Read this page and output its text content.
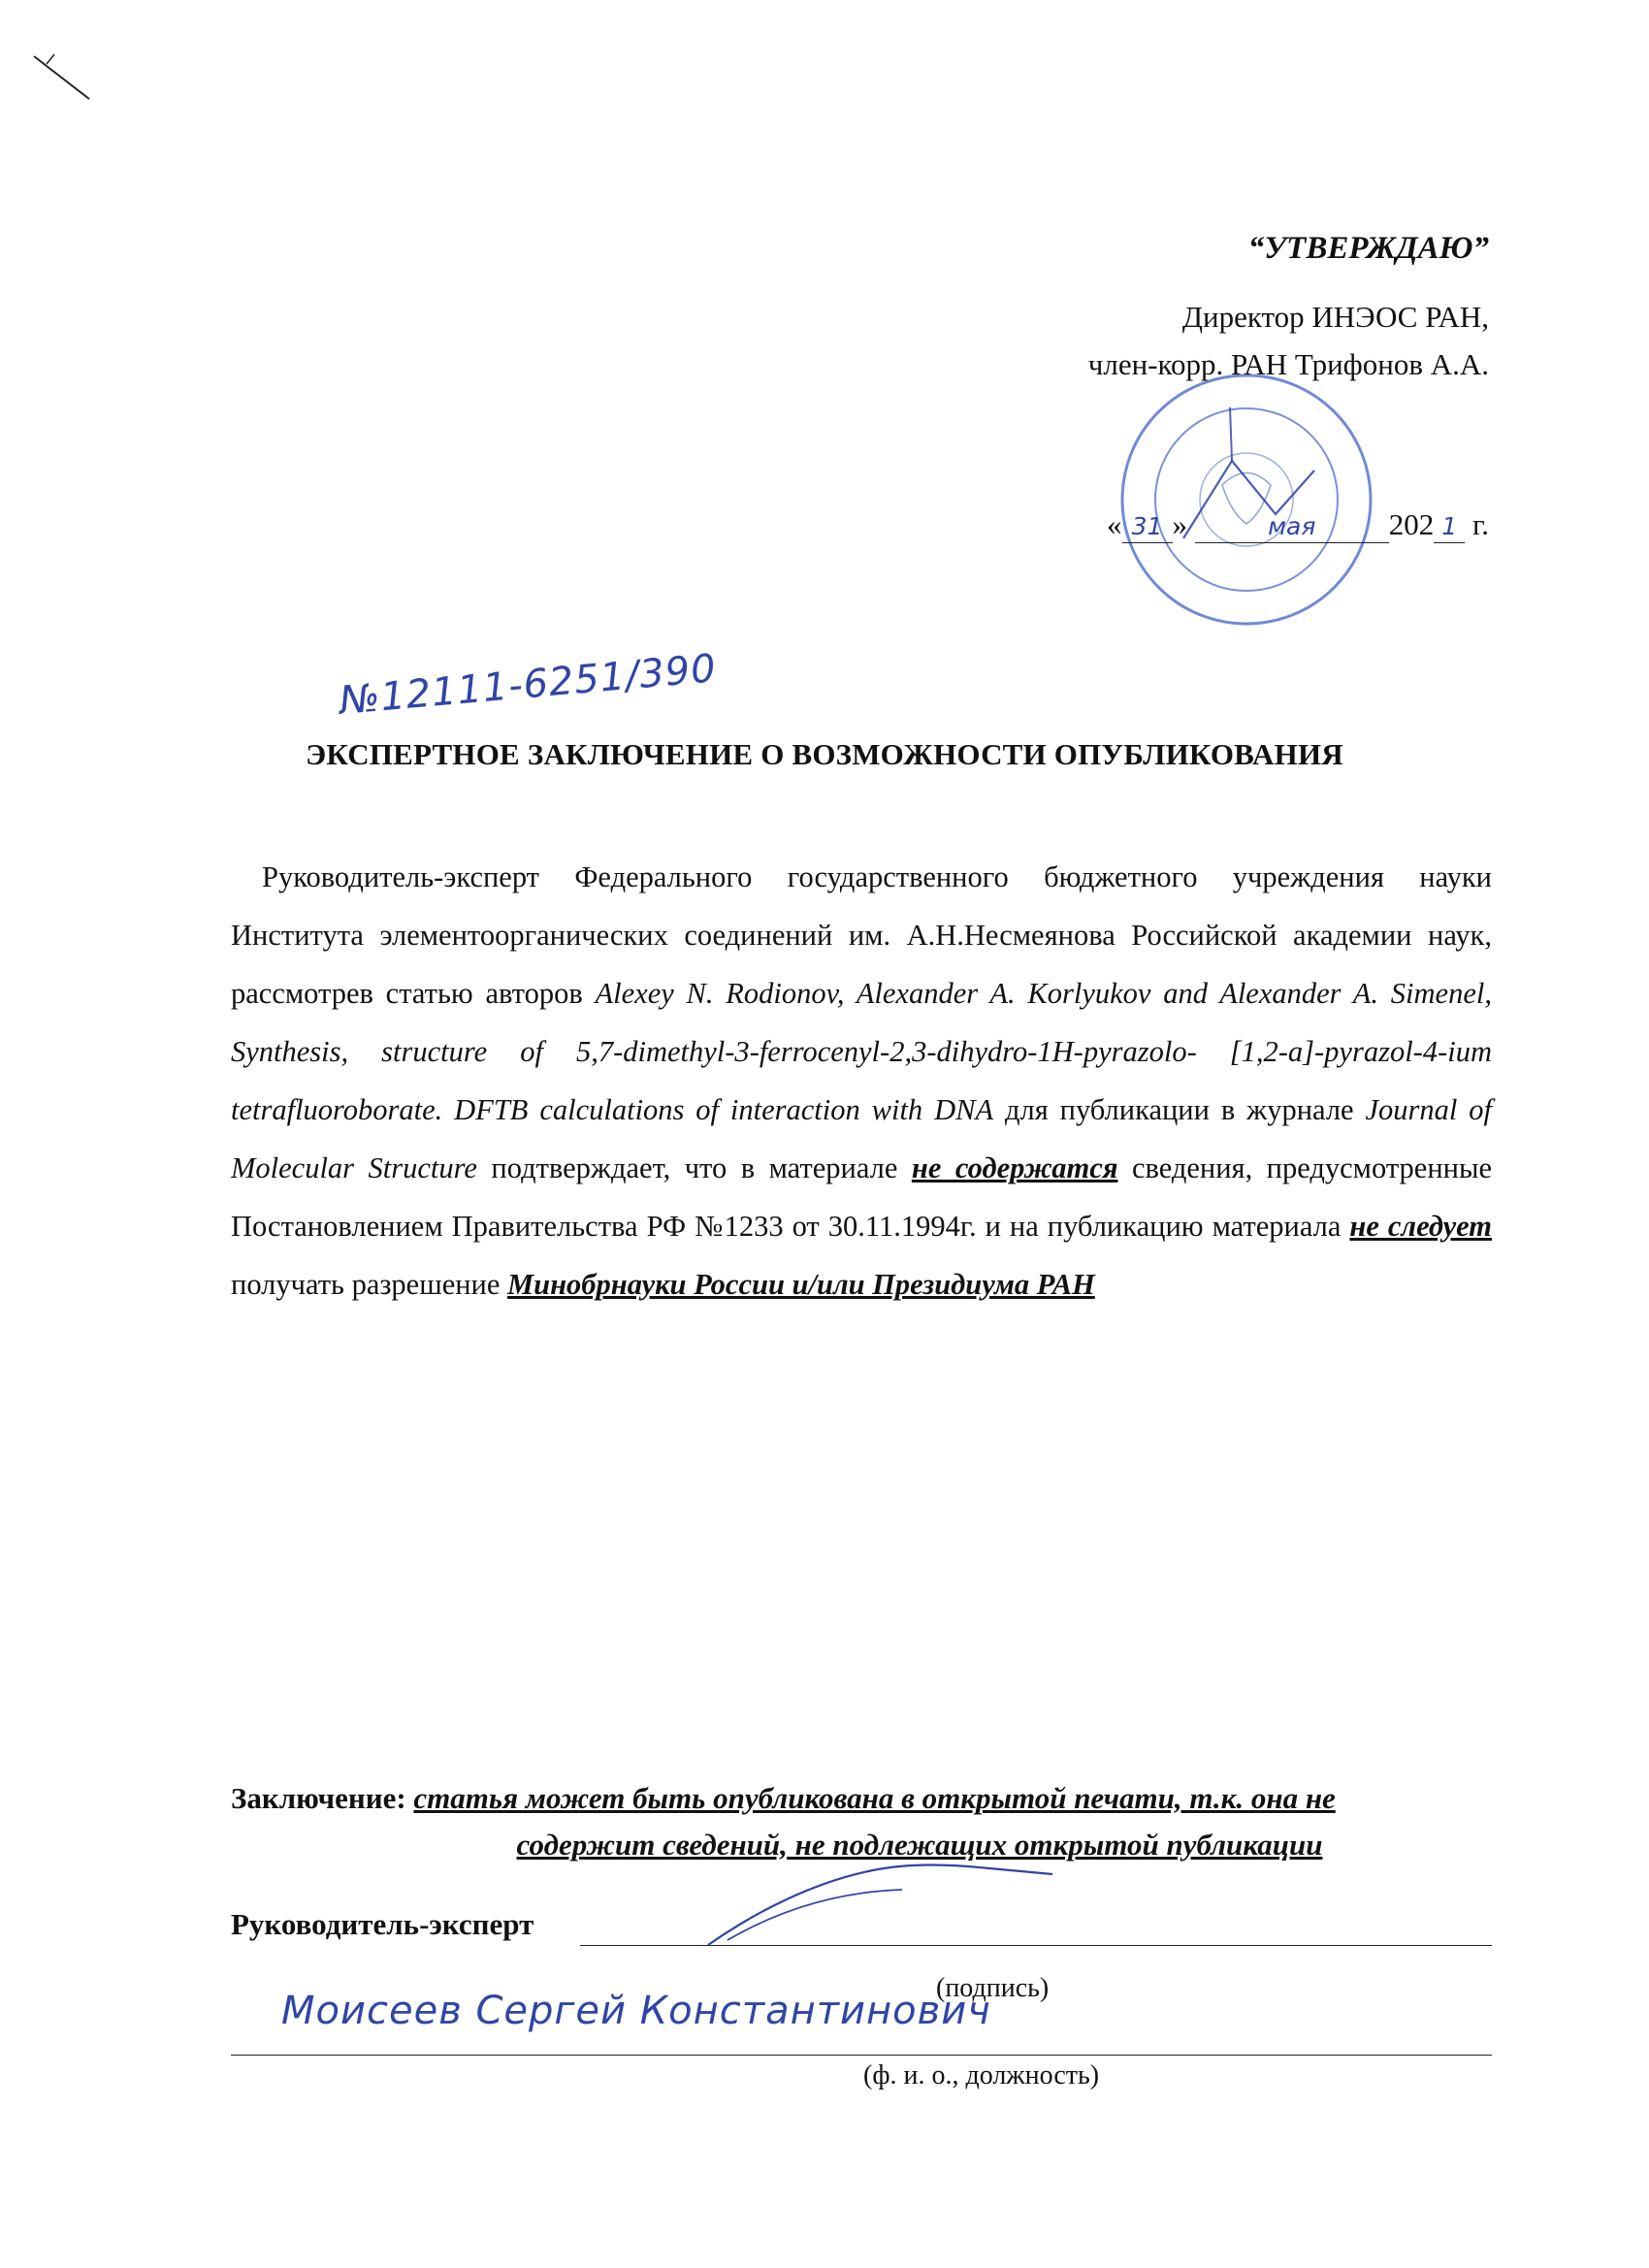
“УТВЕРЖДАЮ”
Директор ИНЭОС РАН,
член-корр. РАН Трифонов А.А.
« 31 »	мая 202 1 г.
№12111-6251/390
ЭКСПЕРТНОЕ ЗАКЛЮЧЕНИЕ О ВОЗМОЖНОСТИ ОПУБЛИКОВАНИЯ
Руководитель-эксперт Федерального государственного бюджетного учреждения науки Института элементоорганических соединений им. А.Н.Несмеянова Российской академии наук, рассмотрев статью авторов Alexey N. Rodionov, Alexander A. Korlyukov and Alexander A. Simenel, Synthesis, structure of 5,7-dimethyl-3-ferrocenyl-2,3-dihydro-1H-pyrazolo- [1,2-a]-pyrazol-4-ium tetrafluoroborate. DFTB calculations of interaction with DNA для публикации в журнале Journal of Molecular Structure подтверждает, что в материале не содержатся сведения, предусмотренные Постановлением Правительства РФ №1233 от 30.11.1994г. и на публикацию материала не следует получать разрешение Минобрнауки России и/или Президиума РАН
Заключение: статья может быть опубликована в открытой печати, т.к. она не
содержит сведений, не подлежащих открытой публикации
Руководитель-эксперт
(подпись)
Моисеев Сергей Константинович
(ф. и. о., должность)
